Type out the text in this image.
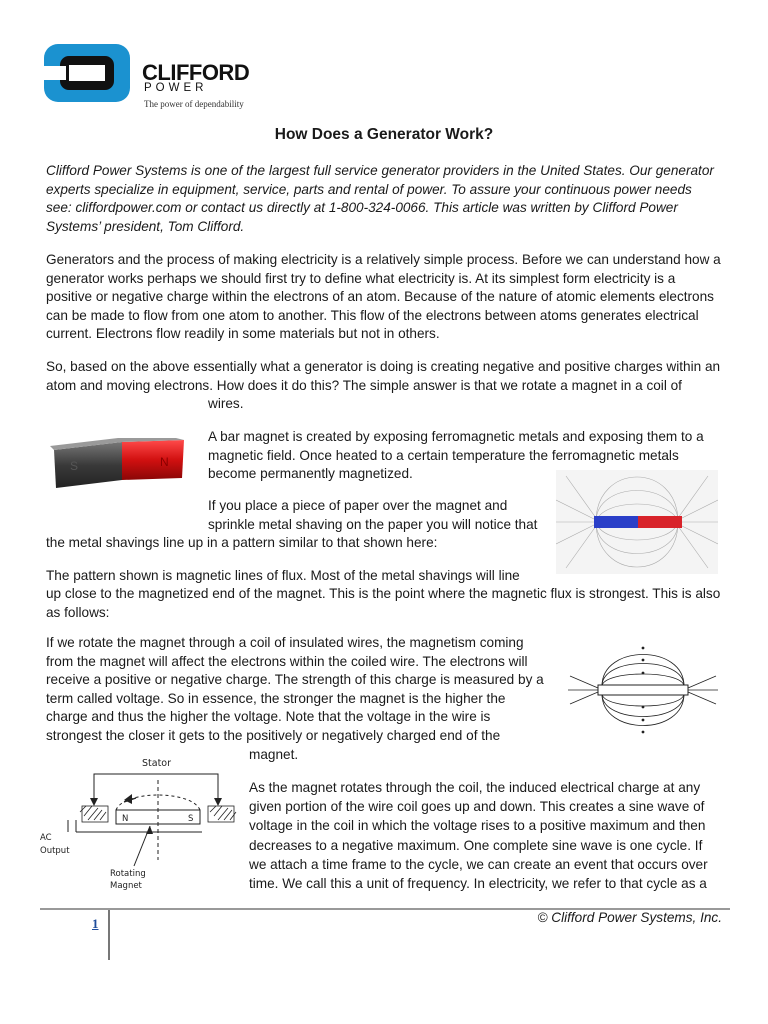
CLIFFORD
POWER
The power of dependability
How Does a Generator Work?
Clifford Power Systems is one of the largest full service generator providers in the United States. Our generator experts specialize in equipment, service, parts and rental of power. To assure your continuous power needs see: cliffordpower.com or contact us directly at 1-800-324-0066. This article was written by Clifford Power Systems’ president, Tom Clifford.
Generators and the process of making electricity is a relatively simple process. Before we can understand how a generator works perhaps we should first try to define what electricity is. At its simplest form electricity is a positive or negative charge within the electrons of an atom. Because of the nature of atomic elements electrons can be made to flow from one atom to another. This flow of the electrons between atoms generates electrical current. Electrons flow readily in some materials but not in others.
So, based on the above essentially what a generator is doing is creating negative and positive charges within an atom and moving electrons. How does it do this? The simple answer is that we rotate a magnet in a coil of
wires.
S	N
A bar magnet is created by exposing ferromagnetic metals and exposing them to a magnetic field. Once heated to a certain temperature the ferromagnetic metals become permanently magnetized.
If you place a piece of paper over the magnet and sprinkle metal shaving on the paper you will notice that
the metal shavings line up in a pattern similar to that shown here:
The pattern shown is magnetic lines of flux. Most of the metal shavings will line
up close to the magnetized end of the magnet. This is the point where the magnetic flux is strongest. This is also as follows:
If we rotate the magnet through a coil of insulated wires, the magnetism coming from the magnet will affect the electrons within the coiled wire. The electrons will receive a positive or negative charge. The strength of this charge is measured by a term called voltage. So in essence, the stronger the magnet is the higher the charge and thus the higher the voltage. Note that the voltage in the wire is strongest the closer it gets to the positively or negatively charged end of the
magnet.
Stator
N	S
AC
Output
Rotating
Magnet
As the magnet rotates through the coil, the induced electrical charge at any given portion of the wire coil goes up and down. This creates a sine wave of voltage in the coil in which the voltage rises to a positive maximum and then decreases to a negative maximum. One complete sine wave is one cycle. If we attach a time frame to the cycle, we can create an event that occurs over time. We call this a unit of frequency. In electricity, we refer to that cycle as a
1	© Clifford Power Systems, Inc.
